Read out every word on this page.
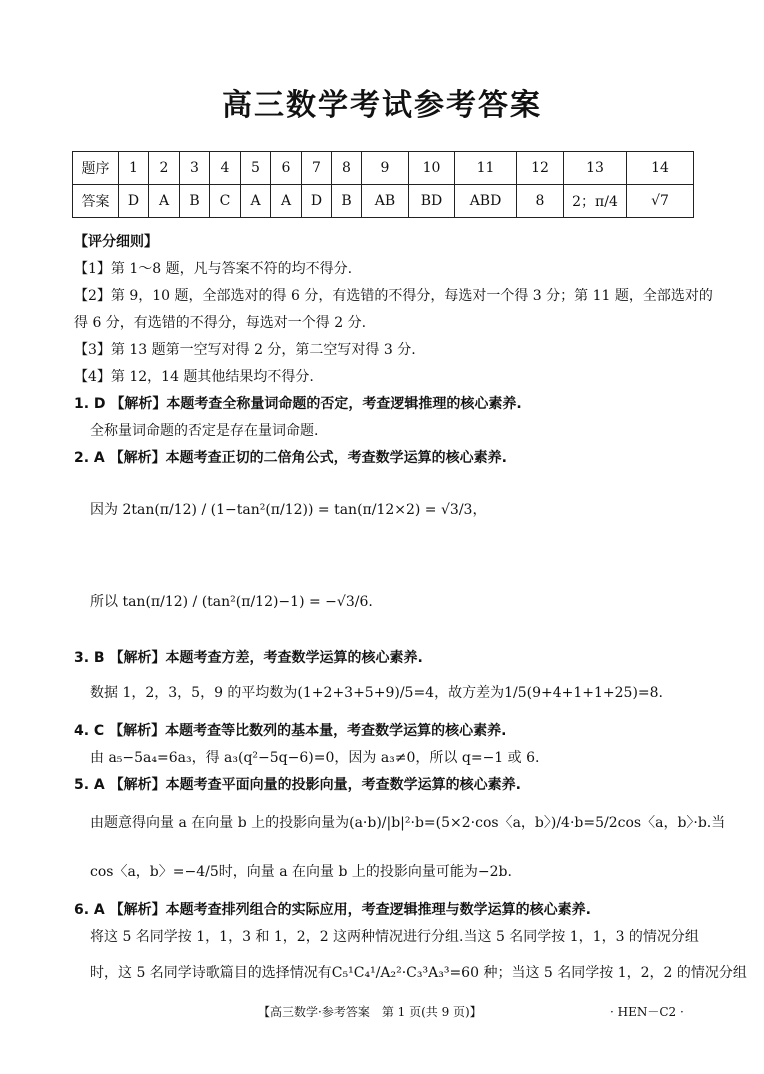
高三数学考试参考答案
题序	1	2	3	4	5	6	7	8	9	10	11	12	13	14
答案	D	A	B	C	A	A	D	B	AB	BD	ABD	8	2；π/4	√7
【评分细则】
【1】第 1～8 题，凡与答案不符的均不得分.
【2】第 9，10 题，全部选对的得 6 分，有选错的不得分，每选对一个得 3 分；第 11 题，全部选对的
得 6 分，有选错的不得分，每选对一个得 2 分.
【3】第 13 题第一空写对得 2 分，第二空写对得 3 分.
【4】第 12，14 题其他结果均不得分.
1. D 【解析】本题考查全称量词命题的否定，考查逻辑推理的核心素养.
全称量词命题的否定是存在量词命题.
2. A 【解析】本题考查正切的二倍角公式，考查数学运算的核心素养.
因为 2tan(π/12) / (1−tan²(π/12)) = tan(π/12×2) = √3/3，
所以 tan(π/12) / (tan²(π/12)−1) = −√3/6.
3. B 【解析】本题考查方差，考查数学运算的核心素养.
数据 1，2，3，5，9 的平均数为(1+2+3+5+9)/5=4，故方差为1/5(9+4+1+1+25)=8.
4. C 【解析】本题考查等比数列的基本量，考查数学运算的核心素养.
由 a₅−5a₄=6a₃，得 a₃(q²−5q−6)=0，因为 a₃≠0，所以 q=−1 或 6.
5. A 【解析】本题考查平面向量的投影向量，考查数学运算的核心素养.
由题意得向量 a 在向量 b 上的投影向量为(a·b)/|b|²·b=(5×2·cos〈a，b〉)/4·b=5/2cos〈a，b〉·b.当
cos〈a，b〉=−4/5时，向量 a 在向量 b 上的投影向量可能为−2b.
6. A 【解析】本题考查排列组合的实际应用，考查逻辑推理与数学运算的核心素养.
将这 5 名同学按 1，1，3 和 1，2，2 这两种情况进行分组.当这 5 名同学按 1，1，3 的情况分组
时，这 5 名同学诗歌篇目的选择情况有C₅¹C₄¹/A₂²·C₃³A₃³=60 种；当这 5 名同学按 1，2，2 的情况分组
【高三数学·参考答案　第 1 页(共 9 页)】	· HEN－C2 ·
